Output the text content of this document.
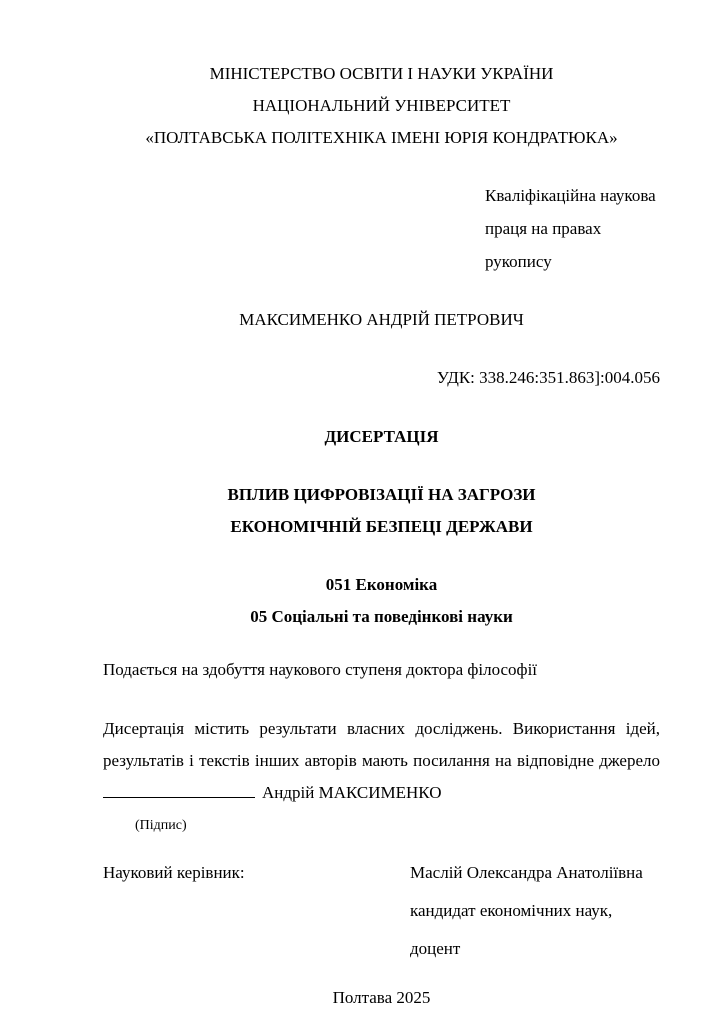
МІНІСТЕРСТВО ОСВІТИ І НАУКИ УКРАЇНИ
НАЦІОНАЛЬНИЙ УНІВЕРСИТЕТ
«ПОЛТАВСЬКА ПОЛІТЕХНІКА ІМЕНІ ЮРІЯ КОНДРАТЮКА»
Кваліфікаційна наукова
праця на правах рукопису
МАКСИМЕНКО АНДРІЙ ПЕТРОВИЧ
УДК: 338.246:351.863]:004.056
ДИСЕРТАЦІЯ
ВПЛИВ ЦИФРОВІЗАЦІЇ НА ЗАГРОЗИ
ЕКОНОМІЧНІЙ БЕЗПЕЦІ ДЕРЖАВИ
051 Економіка
05 Соціальні та поведінкові науки
Подається на здобуття наукового ступеня доктора філософії
Дисертація містить результати власних досліджень. Використання ідей,
результатів і текстів інших авторів мають посилання на відповідне джерело
Андрій МАКСИМЕНКО
(Підпис)
Науковий керівник:	Маслій Олександра Анатоліївна
кандидат економічних наук, доцент
Полтава 2025
